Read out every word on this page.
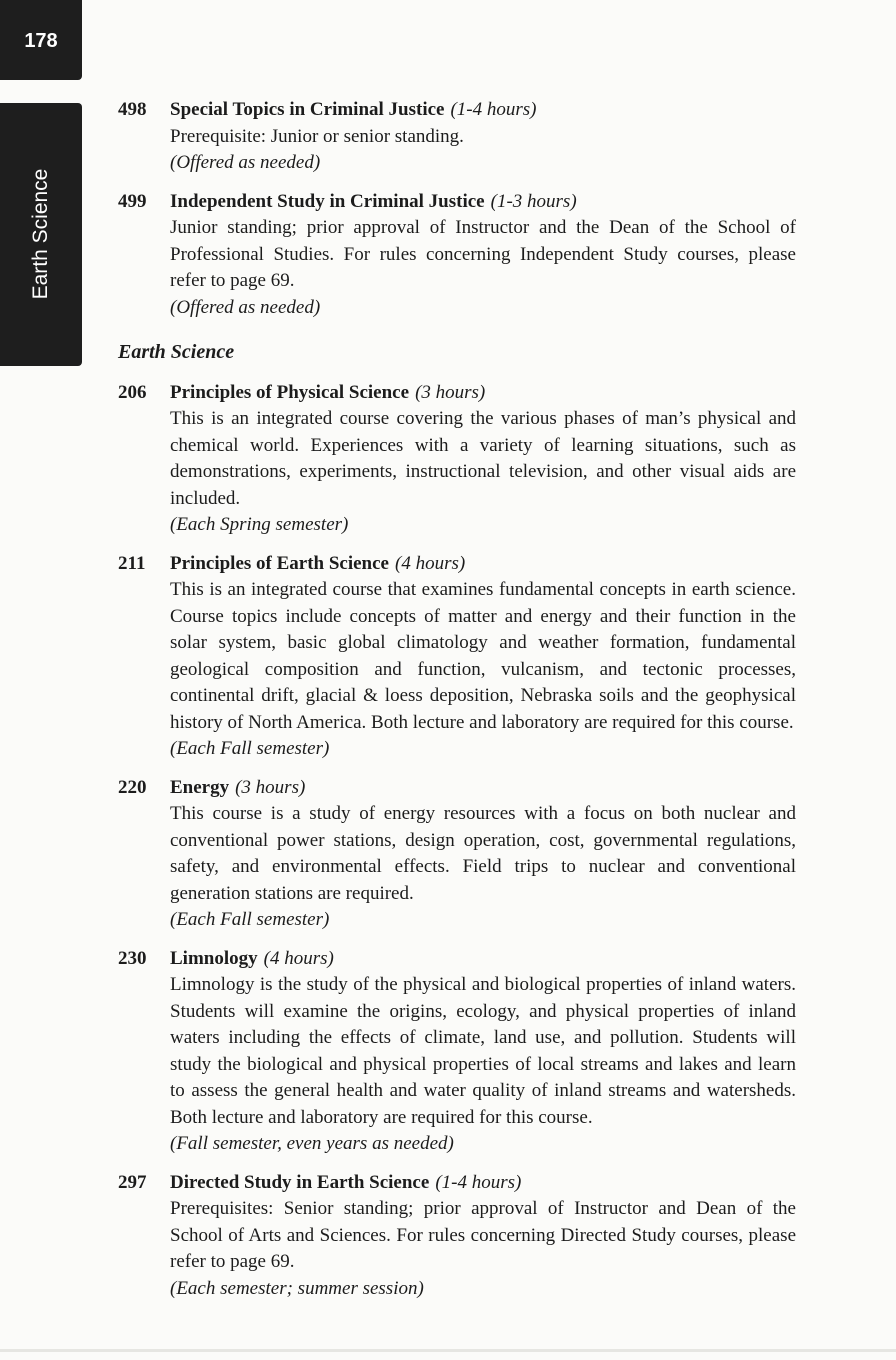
178
Earth Science
498	Special Topics in Criminal Justice (1-4 hours)
Prerequisite: Junior or senior standing.
(Offered as needed)
499	Independent Study in Criminal Justice (1-3 hours)
Junior standing; prior approval of Instructor and the Dean of the School of Professional Studies. For rules concerning Independent Study courses, please refer to page 69.
(Offered as needed)
Earth Science
206	Principles of Physical Science (3 hours)
This is an integrated course covering the various phases of man’s physical and chemical world. Experiences with a variety of learning situations, such as demonstrations, experiments, instructional television, and other visual aids are included.
(Each Spring semester)
211	Principles of Earth Science (4 hours)
This is an integrated course that examines fundamental concepts in earth science. Course topics include concepts of matter and energy and their function in the solar system, basic global climatology and weather formation, fundamental geological composition and function, vulcanism, and tectonic processes, continental drift, glacial & loess deposition, Nebraska soils and the geophysical history of North America. Both lecture and laboratory are required for this course.
(Each Fall semester)
220	Energy (3 hours)
This course is a study of energy resources with a focus on both nuclear and conventional power stations, design operation, cost, governmental regulations, safety, and environmental effects. Field trips to nuclear and conventional generation stations are required.
(Each Fall semester)
230	Limnology (4 hours)
Limnology is the study of the physical and biological properties of inland waters. Students will examine the origins, ecology, and physical properties of inland waters including the effects of climate, land use, and pollution. Students will study the biological and physical properties of local streams and lakes and learn to assess the general health and water quality of inland streams and watersheds. Both lecture and laboratory are required for this course.
(Fall semester, even years as needed)
297	Directed Study in Earth Science (1-4 hours)
Prerequisites: Senior standing; prior approval of Instructor and Dean of the School of Arts and Sciences. For rules concerning Directed Study courses, please refer to page 69.
(Each semester; summer session)
